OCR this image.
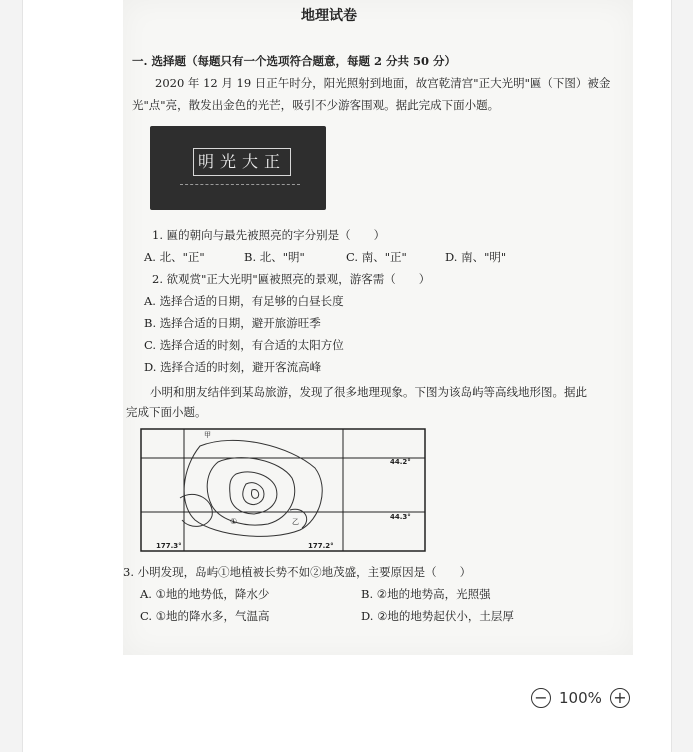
地理试卷
一. 选择题（每题只有一个选项符合题意，每题 2 分共 50 分）
2020 年 12 月 19 日正午时分，阳光照射到地面，故宫乾清宫"正大光明"匾（下图）被金
光"点"亮，散发出金色的光芒，吸引不少游客围观。据此完成下面小题。
明光大正
1. 匾的朝向与最先被照亮的字分别是（　　）
A. 北、"正"	B. 北、"明"	C. 南、"正"	D. 南、"明"
2. 欲观赏"正大光明"匾被照亮的景观，游客需（　　）
A. 选择合适的日期，有足够的白昼长度
B. 选择合适的日期，避开旅游旺季
C. 选择合适的时刻，有合适的太阳方位
D. 选择合适的时刻，避开客流高峰
小明和朋友结伴到某岛旅游，发现了很多地理现象。下图为该岛屿等高线地形图。据此
完成下面小题。
甲
①	乙
44.2°
44.3°
177.3°	177.2°
3. 小明发现，岛屿①地植被长势不如②地茂盛，主要原因是（　　）
A. ①地的地势低，降水少	B. ②地的地势高，光照强
C. ①地的降水多，气温高	D. ②地的地势起伏小，土层厚
− 100% +
